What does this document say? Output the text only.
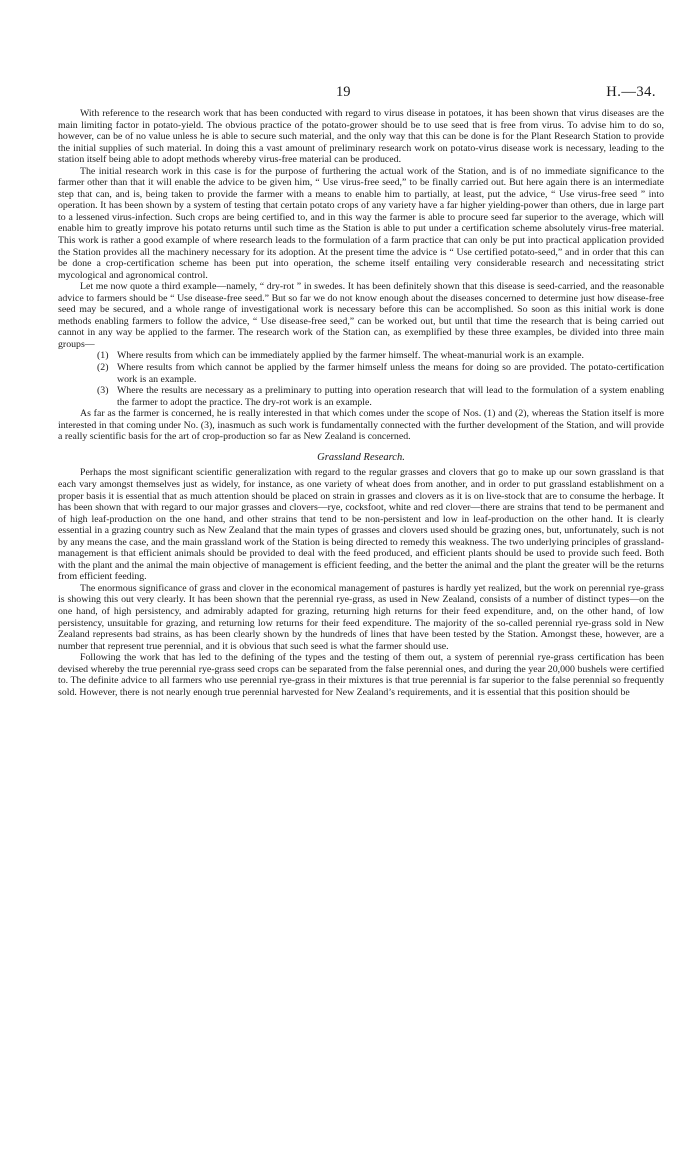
19	H.—34.

With reference to the research work that has been conducted with regard to virus disease in potatoes, it has been shown that virus diseases are the main limiting factor in potato-yield. The obvious practice of the potato-grower should be to use seed that is free from virus. To advise him to do so, however, can be of no value unless he is able to secure such material, and the only way that this can be done is for the Plant Research Station to provide the initial supplies of such material. In doing this a vast amount of preliminary research work on potato-virus disease work is necessary, leading to the station itself being able to adopt methods whereby virus-free material can be produced.

The initial research work in this case is for the purpose of furthering the actual work of the Station, and is of no immediate significance to the farmer other than that it will enable the advice to be given him, “ Use virus-free seed,” to be finally carried out. But here again there is an intermediate step that can, and is, being taken to provide the farmer with a means to enable him to partially, at least, put the advice, “ Use virus-free seed ” into operation. It has been shown by a system of testing that certain potato crops of any variety have a far higher yielding-power than others, due in large part to a lessened virus-infection. Such crops are being certified to, and in this way the farmer is able to procure seed far superior to the average, which will enable him to greatly improve his potato returns until such time as the Station is able to put under a certification scheme absolutely virus-free material. This work is rather a good example of where research leads to the formulation of a farm practice that can only be put into practical application provided the Station provides all the machinery necessary for its adoption. At the present time the advice is “ Use certified potato-seed,” and in order that this can be done a crop-certification scheme has been put into operation, the scheme itself entailing very considerable research and necessitating strict mycological and agronomical control.

Let me now quote a third example—namely, “ dry-rot ” in swedes. It has been definitely shown that this disease is seed-carried, and the reasonable advice to farmers should be “ Use disease-free seed.” But so far we do not know enough about the diseases concerned to determine just how disease-free seed may be secured, and a whole range of investigational work is necessary before this can be accomplished. So soon as this initial work is done methods enabling farmers to follow the advice, “ Use disease-free seed,” can be worked out, but until that time the research that is being carried out cannot in any way be applied to the farmer. The research work of the Station can, as exemplified by these three examples, be divided into three main groups—

(1) Where results from which can be immediately applied by the farmer himself. The wheat-manurial work is an example.
(2) Where results from which cannot be applied by the farmer himself unless the means for doing so are provided. The potato-certification work is an example.
(3) Where the results are necessary as a preliminary to putting into operation research that will lead to the formulation of a system enabling the farmer to adopt the practice. The dry-rot work is an example.

As far as the farmer is concerned, he is really interested in that which comes under the scope of Nos. (1) and (2), whereas the Station itself is more interested in that coming under No. (3), inasmuch as such work is fundamentally connected with the further development of the Station, and will provide a really scientific basis for the art of crop-production so far as New Zealand is concerned.

Grassland Research.

Perhaps the most significant scientific generalization with regard to the regular grasses and clovers that go to make up our sown grassland is that each vary amongst themselves just as widely, for instance, as one variety of wheat does from another, and in order to put grassland establishment on a proper basis it is essential that as much attention should be placed on strain in grasses and clovers as it is on live-stock that are to consume the herbage. It has been shown that with regard to our major grasses and clovers—rye, cocksfoot, white and red clover—there are strains that tend to be permanent and of high leaf-production on the one hand, and other strains that tend to be non-persistent and low in leaf-production on the other hand. It is clearly essential in a grazing country such as New Zealand that the main types of grasses and clovers used should be grazing ones, but, unfortunately, such is not by any means the case, and the main grassland work of the Station is being directed to remedy this weakness. The two underlying principles of grassland-management is that efficient animals should be provided to deal with the feed produced, and efficient plants should be used to provide such feed. Both with the plant and the animal the main objective of management is efficient feeding, and the better the animal and the plant the greater will be the returns from efficient feeding.

The enormous significance of grass and clover in the economical management of pastures is hardly yet realized, but the work on perennial rye-grass is showing this out very clearly. It has been shown that the perennial rye-grass, as used in New Zealand, consists of a number of distinct types—on the one hand, of high persistency, and admirably adapted for grazing, returning high returns for their feed expenditure, and, on the other hand, of low persistency, unsuitable for grazing, and returning low returns for their feed expenditure. The majority of the so-called perennial rye-grass sold in New Zealand represents bad strains, as has been clearly shown by the hundreds of lines that have been tested by the Station. Amongst these, however, are a number that represent true perennial, and it is obvious that such seed is what the farmer should use.

Following the work that has led to the defining of the types and the testing of them out, a system of perennial rye-grass certification has been devised whereby the true perennial rye-grass seed crops can be separated from the false perennial ones, and during the year 20,000 bushels were certified to. The definite advice to all farmers who use perennial rye-grass in their mixtures is that true perennial is far superior to the false perennial so frequently sold. However, there is not nearly enough true perennial harvested for New Zealand’s requirements, and it is essential that this position should be
